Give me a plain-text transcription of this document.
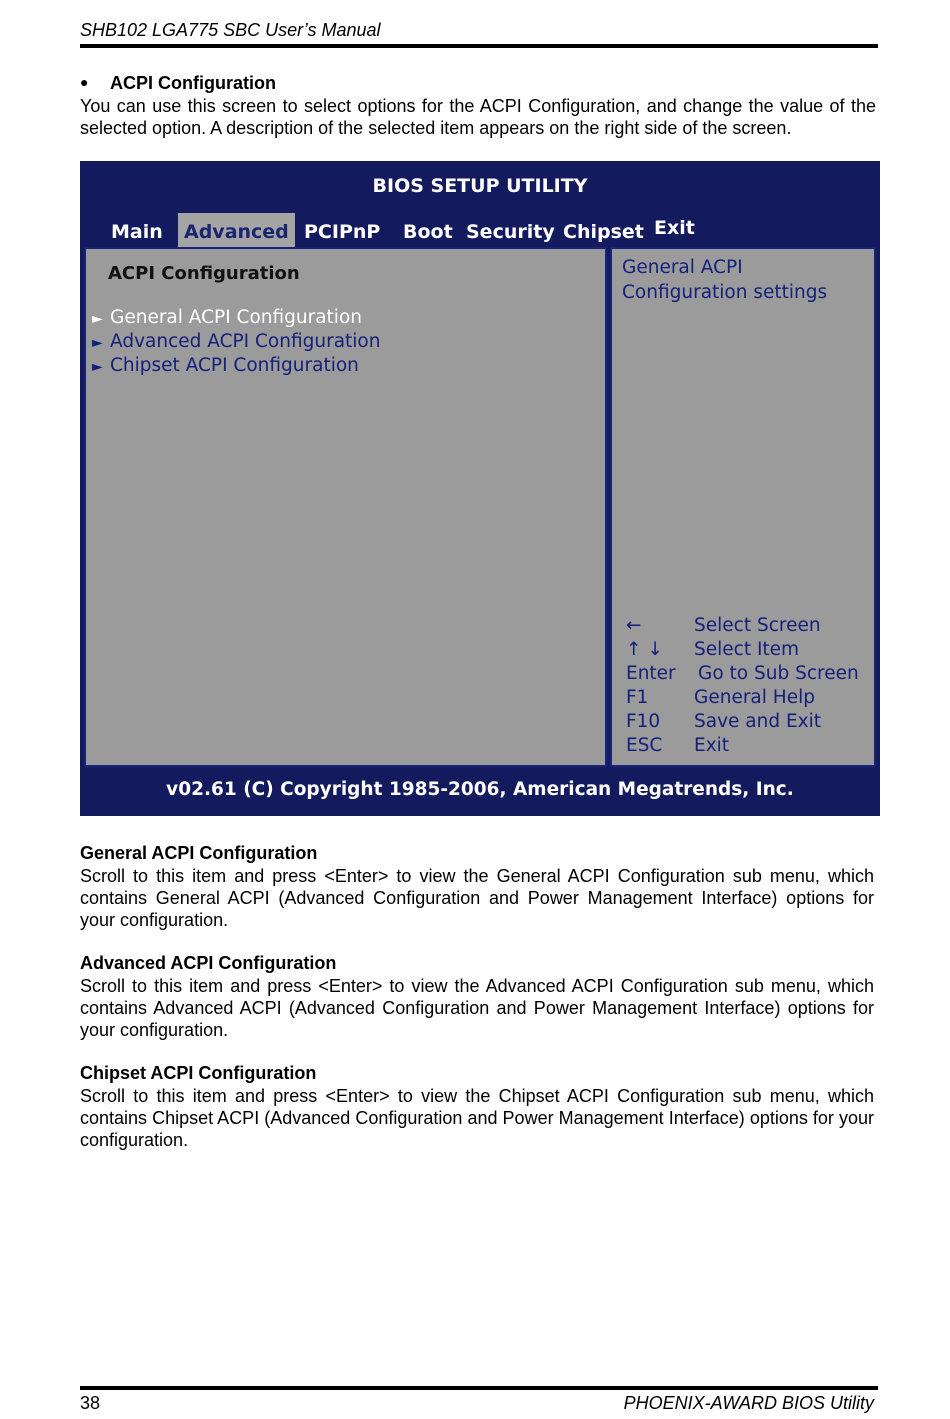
SHB102 LGA775 SBC User’s Manual
● ACPI Configuration
You can use this screen to select options for the ACPI Configuration, and change the value of the selected option. A description of the selected item appears on the right side of the screen.
BIOS SETUP UTILITY
Main	Advanced PCIPnP	Boot Security Chipset Exit
ACPI Configuration
► General ACPI Configuration
► Advanced ACPI Configuration
► Chipset ACPI Configuration
General ACPI
Configuration settings
←	Select Screen
↑ ↓ Select Item
Enter Go to Sub Screen
F1 General Help
F10 Save and Exit
ESC Exit
v02.61 (C) Copyright 1985-2006, American Megatrends, Inc.
General ACPI Configuration
Scroll to this item and press <Enter> to view the General ACPI Configuration sub menu, which contains General ACPI (Advanced Configuration and Power Management Interface) options for your configuration.
Advanced ACPI Configuration
Scroll to this item and press <Enter> to view the Advanced ACPI Configuration sub menu, which contains Advanced ACPI (Advanced Configuration and Power Management Interface) options for your configuration.
Chipset ACPI Configuration
Scroll to this item and press <Enter> to view the Chipset ACPI Configuration sub menu, which contains Chipset ACPI (Advanced Configuration and Power Management Interface) options for your configuration.
38	PHOENIX-AWARD BIOS Utility
